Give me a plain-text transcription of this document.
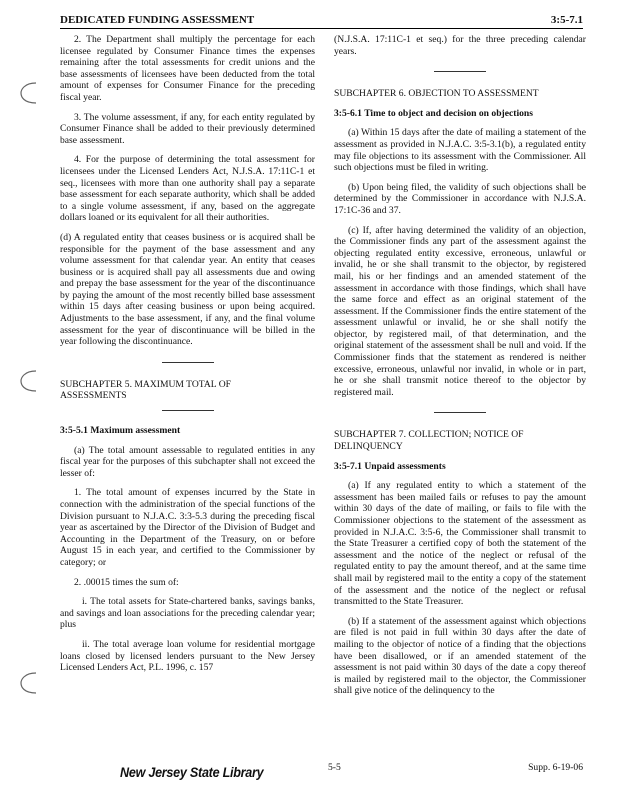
DEDICATED FUNDING ASSESSMENT	3:5-7.1

2. The Department shall multiply the percentage for each licensee regulated by Consumer Finance times the expenses remaining after the total assessments for credit unions and the base assessments of licensees have been deducted from the total amount of expenses for Consumer Finance for the preceding fiscal year.

3. The volume assessment, if any, for each entity regulated by Consumer Finance shall be added to their previously determined base assessment.

4. For the purpose of determining the total assessment for licensees under the Licensed Lenders Act, N.J.S.A. 17:11C-1 et seq., licensees with more than one authority shall pay a separate base assessment for each separate authority, which shall be added to a single volume assessment, if any, based on the aggregate dollars loaned or its equivalent for all their authorities.

(d) A regulated entity that ceases business or is acquired shall be responsible for the payment of the base assessment and any volume assessment for that calendar year. An entity that ceases business or is acquired shall pay all assessments due and owing and prepay the base assessment for the year of the discontinuance by paying the amount of the most recently billed base assessment within 15 days after ceasing business or upon being acquired. Adjustments to the base assessment, if any, and the final volume assessment for the year of discontinuance will be billed in the year following the discontinuance.

SUBCHAPTER 5. MAXIMUM TOTAL OF ASSESSMENTS

3:5-5.1 Maximum assessment

(a) The total amount assessable to regulated entities in any fiscal year for the purposes of this subchapter shall not exceed the lesser of:

1. The total amount of expenses incurred by the State in connection with the administration of the special functions of the Division pursuant to N.J.A.C. 3:3-5.3 during the preceding fiscal year as ascertained by the Director of the Division of Budget and Accounting in the Department of the Treasury, on or before August 15 in each year, and certified to the Commissioner by category; or

2. .00015 times the sum of:

i. The total assets for State-chartered banks, savings banks, and savings and loan associations for the preceding calendar year; plus

ii. The total average loan volume for residential mortgage loans closed by licensed lenders pursuant to the New Jersey Licensed Lenders Act, P.L. 1996, c. 157

(N.J.S.A. 17:11C-1 et seq.) for the three preceding calendar years.

SUBCHAPTER 6. OBJECTION TO ASSESSMENT

3:5-6.1 Time to object and decision on objections

(a) Within 15 days after the date of mailing a statement of the assessment as provided in N.J.A.C. 3:5-3.1(b), a regulated entity may file objections to its assessment with the Commissioner. All such objections must be filed in writing.

(b) Upon being filed, the validity of such objections shall be determined by the Commissioner in accordance with N.J.S.A. 17:1C-36 and 37.

(c) If, after having determined the validity of an objection, the Commissioner finds any part of the assessment against the objecting regulated entity excessive, erroneous, unlawful or invalid, he or she shall transmit to the objector, by registered mail, his or her findings and an amended statement of the assessment in accordance with those findings, which shall have the same force and effect as an original statement of the assessment. If the Commissioner finds the entire statement of the assessment unlawful or invalid, he or she shall notify the objector, by registered mail, of that determination, and the original statement of the assessment shall be null and void. If the Commissioner finds that the statement as rendered is neither excessive, erroneous, unlawful nor invalid, in whole or in part, he or she shall transmit notice thereof to the objector by registered mail.

SUBCHAPTER 7. COLLECTION; NOTICE OF DELINQUENCY

3:5-7.1 Unpaid assessments

(a) If any regulated entity to which a statement of the assessment has been mailed fails or refuses to pay the amount within 30 days of the date of mailing, or fails to file with the Commissioner objections to the statement of the assessment as provided in N.J.A.C. 3:5-6, the Commissioner shall transmit to the State Treasurer a certified copy of both the statement of the assessment and the notice of the neglect or refusal of the regulated entity to pay the amount thereof, and at the same time shall mail by registered mail to the entity a copy of the statement of the assessment and the notice of the neglect or refusal transmitted to the State Treasurer.

(b) If a statement of the assessment against which objections are filed is not paid in full within 30 days after the date of mailing to the objector of notice of a finding that the objections have been disallowed, or if an amended statement of the assessment is not paid within 30 days of the date a copy thereof is mailed by registered mail to the objector, the Commissioner shall give notice of the delinquency to the

New Jersey State Library	5-5	Supp. 6-19-06
